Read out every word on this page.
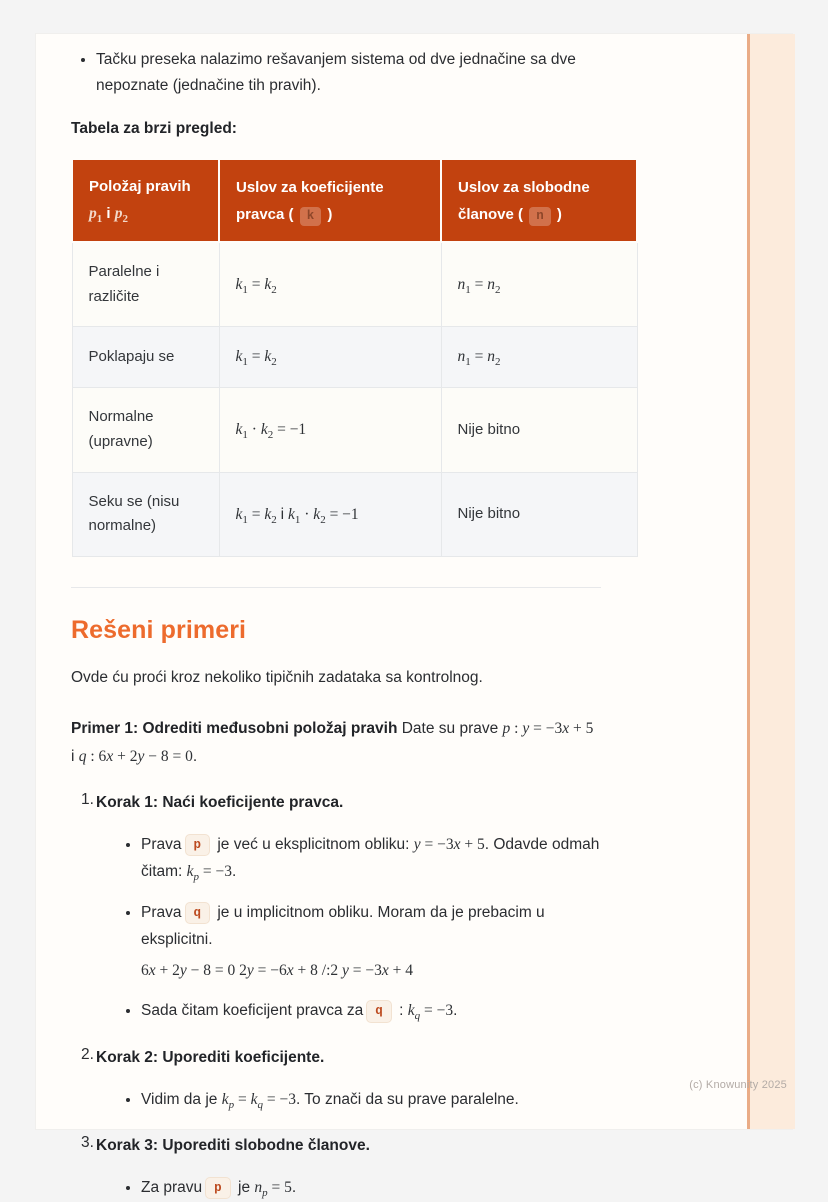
• Tačku preseka nalazimo rešavanjem sistema od dve jednačine sa dve nepoznate (jednačine tih pravih).

Tabela za brzi pregled:

Položaj pravih
$p_1$ i $p_2$	Uslov za koeficijente pravca ( k )	Uslov za slobodne članove ( n )
Paralelne i različite	$k_1 = k_2$	$n_1 = n_2$
Poklapaju se	$k_1 = k_2$	$n_1 = n_2$
Normalne (upravne)	$k_1 \cdot k_2 = -1$	Nije bitno
Seku se (nisu normalne)	$k_1 = k_2$ i $k_1 \cdot k_2 = -1$	Nije bitno
Rešeni primeri

Ovde ću proći kroz nekoliko tipičnih zadataka sa kontrolnog.

Primer 1: Odrediti međusobni položaj pravih Date su prave p : y = −3x + 5 i q : 6x + 2y − 8 = 0.

1. Korak 1: Naći koeficijente pravca.
• Prava p je već u eksplicitnom obliku: y = −3x + 5. Odavde odmah čitam: $k_p = -3$.
• Prava q je u implicitnom obliku. Moram da je prebacim u eksplicitni.
6x + 2y − 8 = 0 2y = −6x + 8 /:2 y = −3x + 4
• Sada čitam koeficijent pravca za q : $k_q = -3$.
2. Korak 2: Uporediti koeficijente.
• Vidim da je $k_p = k_q = -3$. To znači da su prave paralelne.
3. Korak 3: Uporediti slobodne članove.
• Za pravu p je $n_p = 5$.
(c) Knowunity 2025
